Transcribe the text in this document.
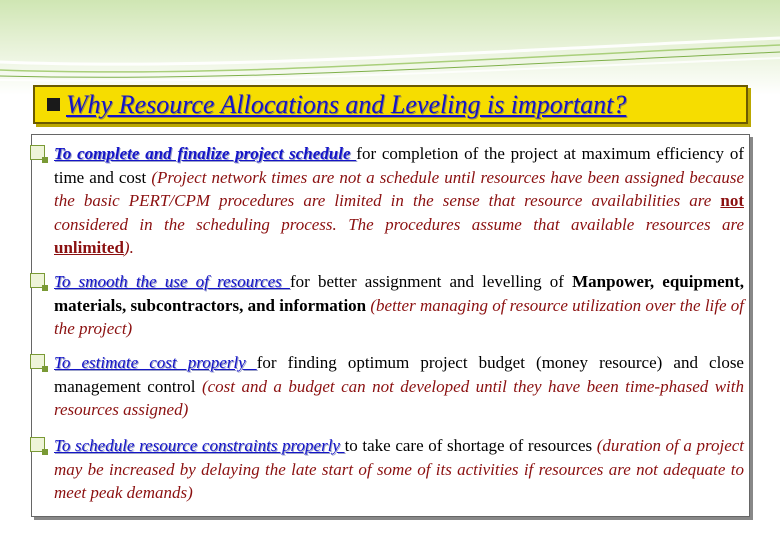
Why Resource Allocations and Leveling is important?

To complete and finalize project schedule for completion of the project at maximum efficiency of time and cost (Project network times are not a schedule until resources have been assigned because the basic PERT/CPM procedures are limited in the sense that resource availabilities are not considered in the scheduling process. The procedures assume that available resources are unlimited).

To smooth the use of resources for better assignment and levelling of Manpower, equipment, materials, subcontractors, and information (better managing of resource utilization over the life of the project)

To estimate cost properly for finding optimum project budget (money resource) and close management control (cost and a budget can not developed until they have been time-phased with resources assigned)

To schedule resource constraints properly to take care of shortage of resources (duration of a project may be increased by delaying the late start of some of its activities if resources are not adequate to meet peak demands)
